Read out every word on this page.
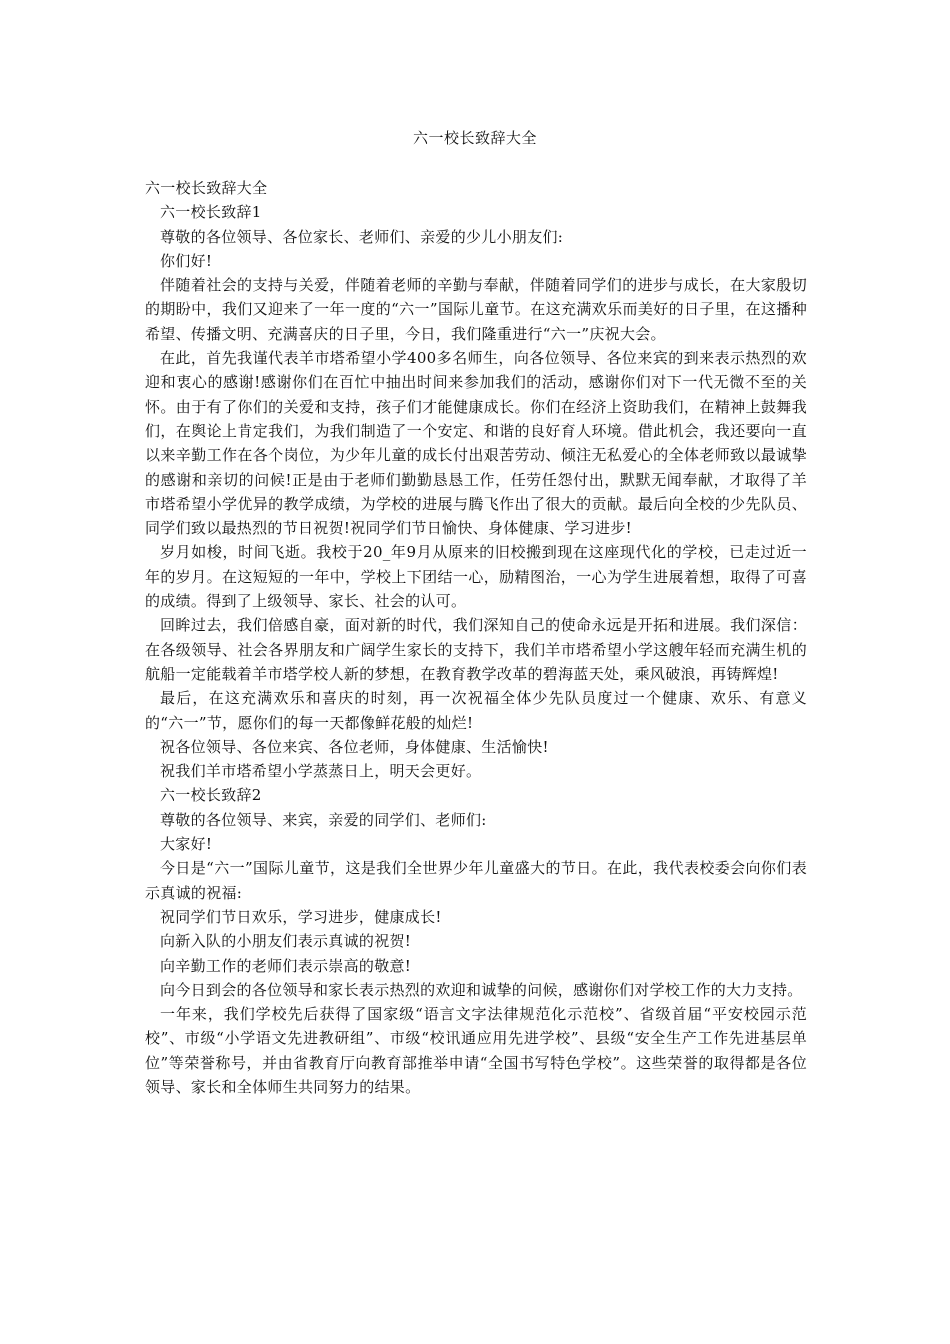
六一校长致辞大全

六一校长致辞大全

六一校长致辞1

尊敬的各位领导、各位家长、老师们、亲爱的少儿小朋友们:

你们好!

伴随着社会的支持与关爱，伴随着老师的辛勤与奉献，伴随着同学们的进步与成长，在大家殷切的期盼中，我们又迎来了一年一度的“六一”国际儿童节。在这充满欢乐而美好的日子里，在这播种希望、传播文明、充满喜庆的日子里，今日，我们隆重进行“六一”庆祝大会。

在此，首先我谨代表羊市塔希望小学400多名师生，向各位领导、各位来宾的到来表示热烈的欢迎和衷心的感谢!感谢你们在百忙中抽出时间来参加我们的活动，感谢你们对下一代无微不至的关怀。由于有了你们的关爱和支持，孩子们才能健康成长。你们在经济上资助我们，在精神上鼓舞我们，在舆论上肯定我们，为我们制造了一个安定、和谐的良好育人环境。借此机会，我还要向一直以来辛勤工作在各个岗位，为少年儿童的成长付出艰苦劳动、倾注无私爱心的全体老师致以最诚挚的感谢和亲切的问候!正是由于老师们勤勤恳恳工作，任劳任怨付出，默默无闻奉献，才取得了羊市塔希望小学优异的教学成绩，为学校的进展与腾飞作出了很大的贡献。最后向全校的少先队员、同学们致以最热烈的节日祝贺!祝同学们节日愉快、身体健康、学习进步!

岁月如梭，时间飞逝。我校于20_年9月从原来的旧校搬到现在这座现代化的学校，已走过近一年的岁月。在这短短的一年中，学校上下团结一心，励精图治，一心为学生进展着想，取得了可喜的成绩。得到了上级领导、家长、社会的认可。

回眸过去，我们倍感自豪，面对新的时代，我们深知自己的使命永远是开拓和进展。我们深信：在各级领导、社会各界朋友和广阔学生家长的支持下，我们羊市塔希望小学这艘年轻而充满生机的航船一定能载着羊市塔学校人新的梦想，在教育教学改革的碧海蓝天处，乘风破浪，再铸辉煌!

最后，在这充满欢乐和喜庆的时刻，再一次祝福全体少先队员度过一个健康、欢乐、有意义的“六一”节，愿你们的每一天都像鲜花般的灿烂!

祝各位领导、各位来宾、各位老师，身体健康、生活愉快!

祝我们羊市塔希望小学蒸蒸日上，明天会更好。

六一校长致辞2

尊敬的各位领导、来宾，亲爱的同学们、老师们:

大家好!

今日是“六一”国际儿童节，这是我们全世界少年儿童盛大的节日。在此，我代表校委会向你们表示真诚的祝福:

祝同学们节日欢乐，学习进步，健康成长!

向新入队的小朋友们表示真诚的祝贺!

向辛勤工作的老师们表示崇高的敬意!

向今日到会的各位领导和家长表示热烈的欢迎和诚挚的问候，感谢你们对学校工作的大力支持。

一年来，我们学校先后获得了国家级“语言文字法律规范化示范校”、省级首届“平安校园示范校”、市级“小学语文先进教研组”、市级“校讯通应用先进学校”、县级“安全生产工作先进基层单位”等荣誉称号，并由省教育厅向教育部推举申请“全国书写特色学校”。这些荣誉的取得都是各位领导、家长和全体师生共同努力的结果。
